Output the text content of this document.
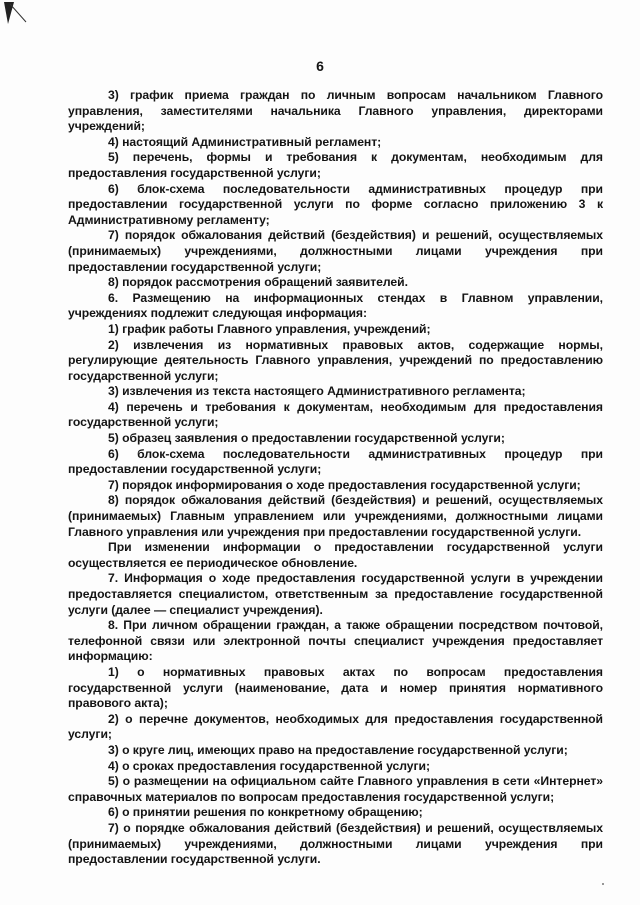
6

3) график приема граждан по личным вопросам начальником Главного управления, заместителями начальника Главного управления, директорами учреждений;

4) настоящий Административный регламент;

5) перечень, формы и требования к документам, необходимым для предоставления государственной услуги;

6) блок-схема последовательности административных процедур при предоставлении государственной услуги по форме согласно приложению 3 к Административному регламенту;

7) порядок обжалования действий (бездействия) и решений, осуществляемых (принимаемых) учреждениями, должностными лицами учреждения при предоставлении государственной услуги;

8) порядок рассмотрения обращений заявителей.

6. Размещению на информационных стендах в Главном управлении, учреждениях подлежит следующая информация:

1) график работы Главного управления, учреждений;

2) извлечения из нормативных правовых актов, содержащие нормы, регулирующие деятельность Главного управления, учреждений по предоставлению государственной услуги;

3) извлечения из текста настоящего Административного регламента;

4) перечень и требования к документам, необходимым для предоставления государственной услуги;

5) образец заявления о предоставлении государственной услуги;

6) блок-схема последовательности административных процедур при предоставлении государственной услуги;

7) порядок информирования о ходе предоставления государственной услуги;

8) порядок обжалования действий (бездействия) и решений, осуществляемых (принимаемых) Главным управлением или учреждениями, должностными лицами Главного управления или учреждения при предоставлении государственной услуги.

При изменении информации о предоставлении государственной услуги осуществляется ее периодическое обновление.

7. Информация о ходе предоставления государственной услуги в учреждении предоставляется специалистом, ответственным за предоставление государственной услуги (далее — специалист учреждения).

8. При личном обращении граждан, а также обращении посредством почтовой, телефонной связи или электронной почты специалист учреждения предоставляет информацию:

1) о нормативных правовых актах по вопросам предоставления государственной услуги (наименование, дата и номер принятия нормативного правового акта);

2) о перечне документов, необходимых для предоставления государственной услуги;

3) о круге лиц, имеющих право на предоставление государственной услуги;

4) о сроках предоставления государственной услуги;

5) о размещении на официальном сайте Главного управления в сети «Интернет» справочных материалов по вопросам предоставления государственной услуги;

6) о принятии решения по конкретному обращению;

7) о порядке обжалования действий (бездействия) и решений, осуществляемых (принимаемых) учреждениями, должностными лицами учреждения при предоставлении государственной услуги.
